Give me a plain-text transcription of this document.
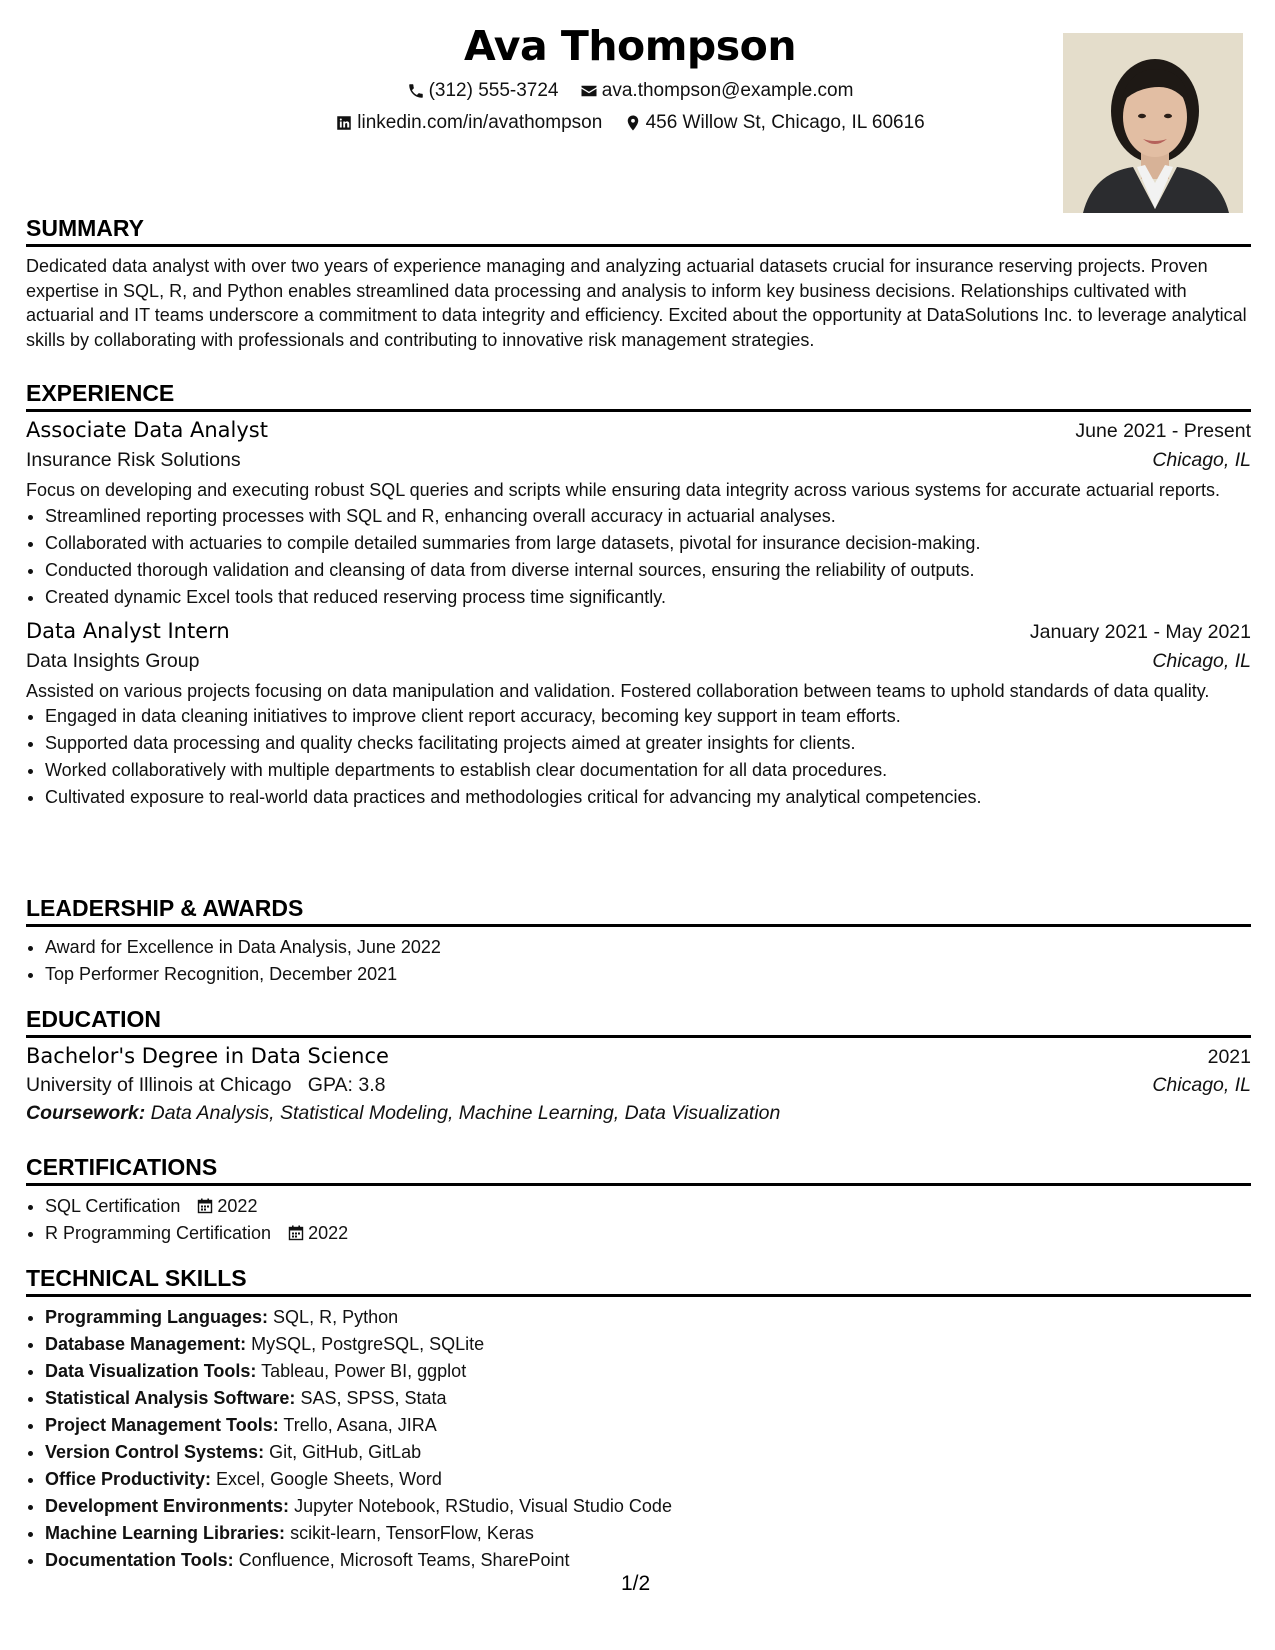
Ava Thompson
(312) 555-3724
ava.thompson@example.com
linkedin.com/in/avathompson
456 Willow St, Chicago, IL 60616
SUMMARY

Dedicated data analyst with over two years of experience managing and analyzing actuarial datasets crucial for insurance reserving projects. Proven expertise in SQL, R, and Python enables streamlined data processing and analysis to inform key business decisions. Relationships cultivated with actuarial and IT teams underscore a commitment to data integrity and efficiency. Excited about the opportunity at DataSolutions Inc. to leverage analytical skills by collaborating with professionals and contributing to innovative risk management strategies.

EXPERIENCE
Associate Data Analyst	June 2021 - Present
Insurance Risk Solutions	Chicago, IL

Focus on developing and executing robust SQL queries and scripts while ensuring data integrity across various systems for accurate actuarial reports.

• Streamlined reporting processes with SQL and R, enhancing overall accuracy in actuarial analyses.
• Collaborated with actuaries to compile detailed summaries from large datasets, pivotal for insurance decision-making.
• Conducted thorough validation and cleansing of data from diverse internal sources, ensuring the reliability of outputs.
• Created dynamic Excel tools that reduced reserving process time significantly.
Data Analyst Intern	January 2021 - May 2021
Data Insights Group	Chicago, IL

Assisted on various projects focusing on data manipulation and validation. Fostered collaboration between teams to uphold standards of data quality.

• Engaged in data cleaning initiatives to improve client report accuracy, becoming key support in team efforts.
• Supported data processing and quality checks facilitating projects aimed at greater insights for clients.
• Worked collaboratively with multiple departments to establish clear documentation for all data procedures.
• Cultivated exposure to real-world data practices and methodologies critical for advancing my analytical competencies.
LEADERSHIP & AWARDS
• Award for Excellence in Data Analysis, June 2022
• Top Performer Recognition, December 2021
EDUCATION
Bachelor's Degree in Data Science	2021
University of Illinois at Chicago GPA: 3.8	Chicago, IL
Coursework: Data Analysis, Statistical Modeling, Machine Learning, Data Visualization
CERTIFICATIONS
• SQL Certification 2022
• R Programming Certification 2022
TECHNICAL SKILLS
• Programming Languages: SQL, R, Python
• Database Management: MySQL, PostgreSQL, SQLite
• Data Visualization Tools: Tableau, Power BI, ggplot
• Statistical Analysis Software: SAS, SPSS, Stata
• Project Management Tools: Trello, Asana, JIRA
• Version Control Systems: Git, GitHub, GitLab
• Office Productivity: Excel, Google Sheets, Word
• Development Environments: Jupyter Notebook, RStudio, Visual Studio Code
• Machine Learning Libraries: scikit-learn, TensorFlow, Keras
• Documentation Tools: Confluence, Microsoft Teams, SharePoint
1/2
